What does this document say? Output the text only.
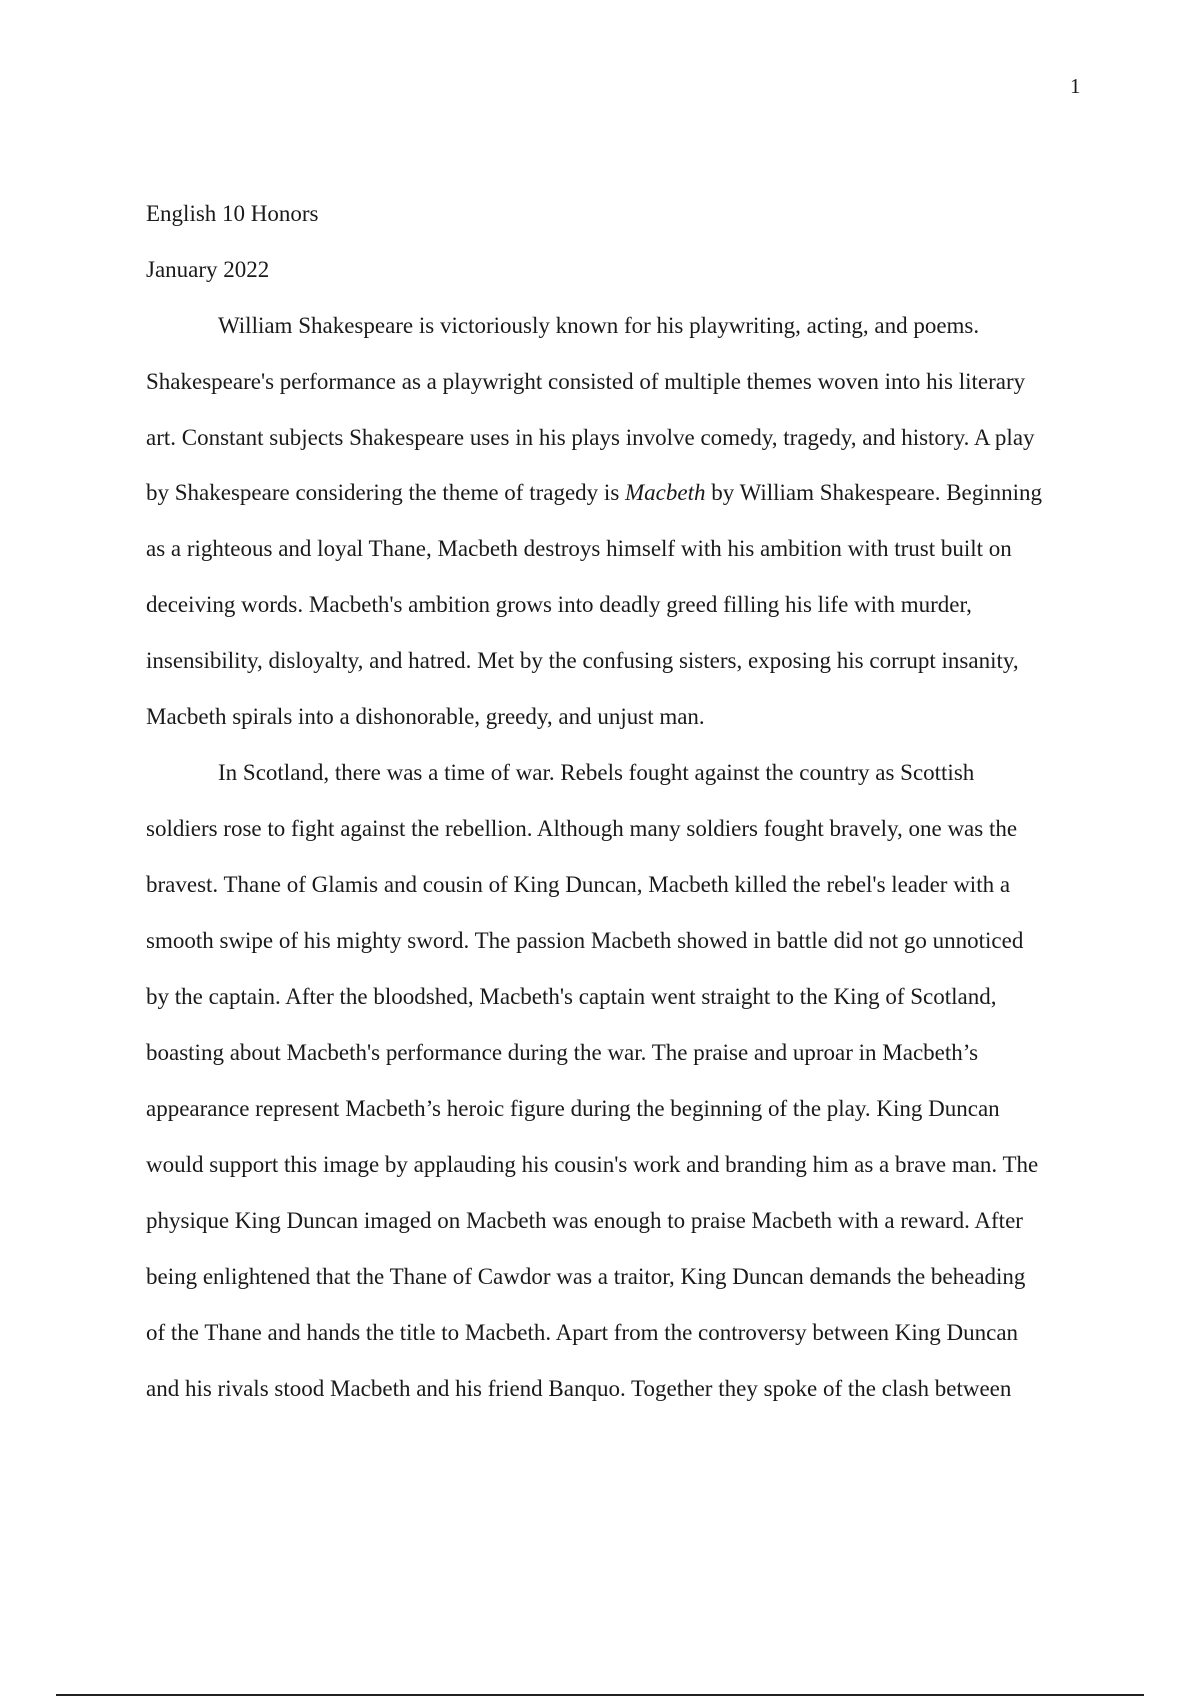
1

English 10 Honors

January 2022

William Shakespeare is victoriously known for his playwriting, acting, and poems.

Shakespeare's performance as a playwright consisted of multiple themes woven into his literary

art. Constant subjects Shakespeare uses in his plays involve comedy, tragedy, and history. A play

by Shakespeare considering the theme of tragedy is Macbeth by William Shakespeare. Beginning

as a righteous and loyal Thane, Macbeth destroys himself with his ambition with trust built on

deceiving words. Macbeth's ambition grows into deadly greed filling his life with murder,

insensibility, disloyalty, and hatred. Met by the confusing sisters, exposing his corrupt insanity,

Macbeth spirals into a dishonorable, greedy, and unjust man.

In Scotland, there was a time of war. Rebels fought against the country as Scottish

soldiers rose to fight against the rebellion. Although many soldiers fought bravely, one was the

bravest. Thane of Glamis and cousin of King Duncan, Macbeth killed the rebel's leader with a

smooth swipe of his mighty sword. The passion Macbeth showed in battle did not go unnoticed

by the captain. After the bloodshed, Macbeth's captain went straight to the King of Scotland,

boasting about Macbeth's performance during the war. The praise and uproar in Macbeth’s

appearance represent Macbeth’s heroic figure during the beginning of the play. King Duncan

would support this image by applauding his cousin's work and branding him as a brave man. The

physique King Duncan imaged on Macbeth was enough to praise Macbeth with a reward. After

being enlightened that the Thane of Cawdor was a traitor, King Duncan demands the beheading

of the Thane and hands the title to Macbeth. Apart from the controversy between King Duncan

and his rivals stood Macbeth and his friend Banquo. Together they spoke of the clash between
